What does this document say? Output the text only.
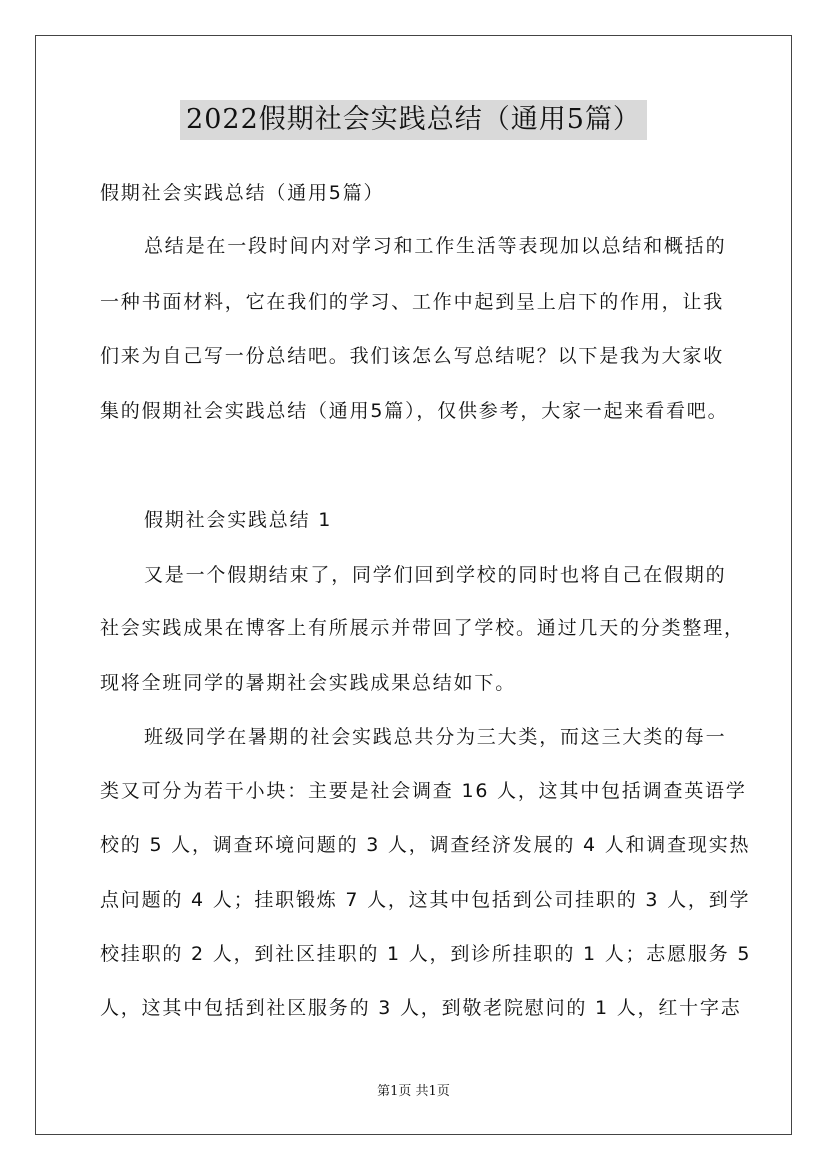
2022假期社会实践总结（通用5篇）
假期社会实践总结（通用5篇）
总结是在一段时间内对学习和工作生活等表现加以总结和概括的
一种书面材料，它在我们的学习、工作中起到呈上启下的作用，让我
们来为自己写一份总结吧。我们该怎么写总结呢？以下是我为大家收
集的假期社会实践总结（通用5篇），仅供参考，大家一起来看看吧。
假期社会实践总结 1
又是一个假期结束了，同学们回到学校的同时也将自己在假期的
社会实践成果在博客上有所展示并带回了学校。通过几天的分类整理，
现将全班同学的暑期社会实践成果总结如下。
班级同学在暑期的社会实践总共分为三大类，而这三大类的每一
类又可分为若干小块：主要是社会调查 16 人，这其中包括调查英语学
校的 5 人，调查环境问题的 3 人，调查经济发展的 4 人和调查现实热
点问题的 4 人；挂职锻炼 7 人，这其中包括到公司挂职的 3 人，到学
校挂职的 2 人，到社区挂职的 1 人，到诊所挂职的 1 人；志愿服务 5
人，这其中包括到社区服务的 3 人，到敬老院慰问的 1 人，红十字志
第1页 共1页
